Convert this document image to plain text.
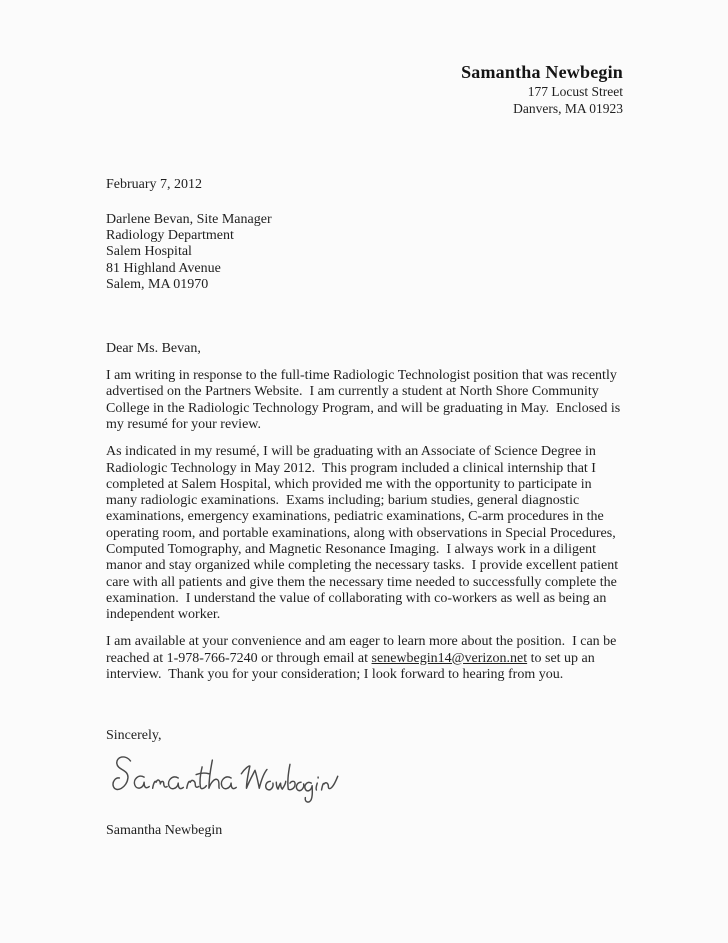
Samantha Newbegin
177 Locust Street
Danvers, MA 01923
February 7, 2012
Darlene Bevan, Site Manager
Radiology Department
Salem Hospital
81 Highland Avenue
Salem, MA 01970

Dear Ms. Bevan,

I am writing in response to the full-time Radiologic Technologist position that was recently advertised on the Partners Website.  I am currently a student at North Shore Community College in the Radiologic Technology Program, and will be graduating in May.  Enclosed is my resumé for your review.

As indicated in my resumé, I will be graduating with an Associate of Science Degree in Radiologic Technology in May 2012.  This program included a clinical internship that I completed at Salem Hospital, which provided me with the opportunity to participate in many radiologic examinations.  Exams including; barium studies, general diagnostic examinations, emergency examinations, pediatric examinations, C-arm procedures in the operating room, and portable examinations, along with observations in Special Procedures, Computed Tomography, and Magnetic Resonance Imaging.  I always work in a diligent manor and stay organized while completing the necessary tasks.  I provide excellent patient care with all patients and give them the necessary time needed to successfully complete the examination.  I understand the value of collaborating with co-workers as well as being an independent worker.

I am available at your convenience and am eager to learn more about the position.  I can be reached at 1-978-766-7240 or through email at senewbegin14@verizon.net to set up an interview.  Thank you for your consideration; I look forward to hearing from you.

Sincerely,

Samantha Newbegin
